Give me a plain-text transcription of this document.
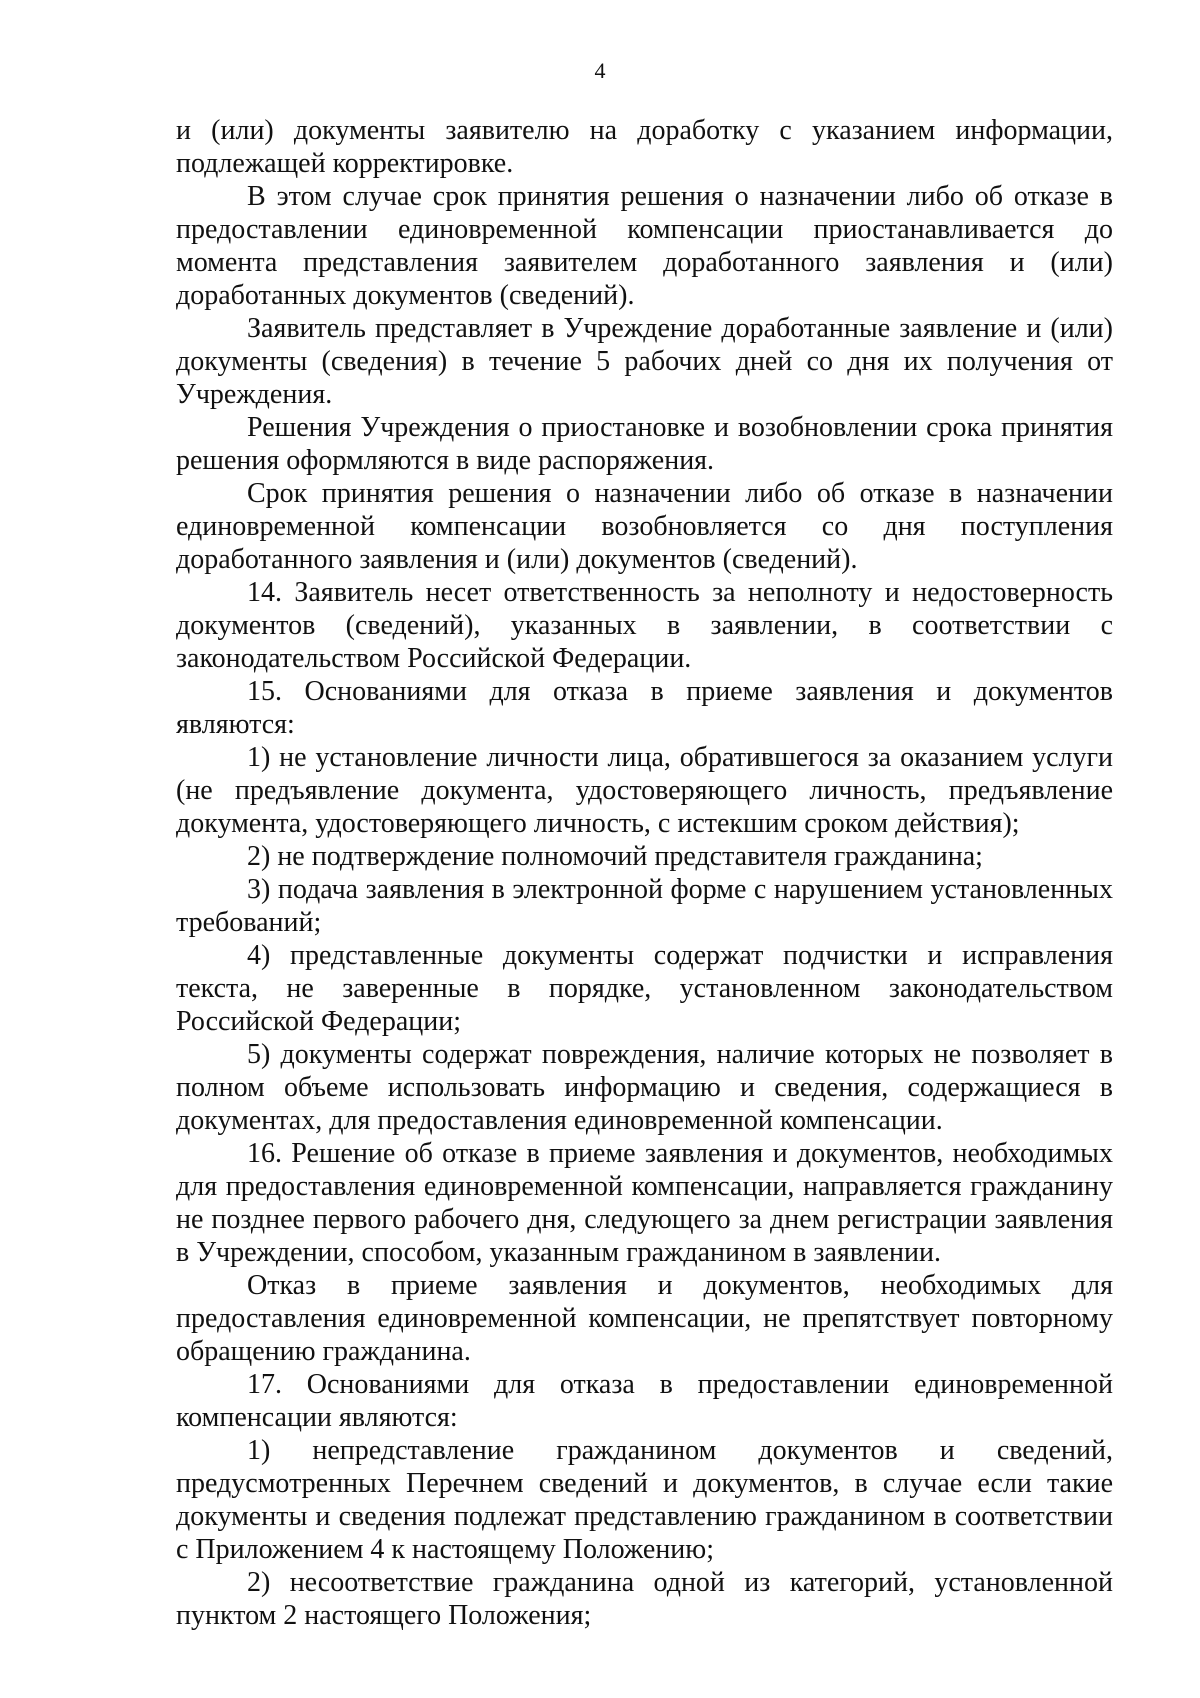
4

и (или) документы заявителю на доработку с указанием информации, подлежащей корректировке.

В этом случае срок принятия решения о назначении либо об отказе в предоставлении единовременной компенсации приостанавливается до момента представления заявителем доработанного заявления и (или) доработанных документов (сведений).

Заявитель представляет в Учреждение доработанные заявление и (или) документы (сведения) в течение 5 рабочих дней со дня их получения от Учреждения.

Решения Учреждения о приостановке и возобновлении срока принятия решения оформляются в виде распоряжения.

Срок принятия решения о назначении либо об отказе в назначении единовременной компенсации возобновляется со дня поступления доработанного заявления и (или) документов (сведений).

14. Заявитель несет ответственность за неполноту и недостоверность документов (сведений), указанных в заявлении, в соответствии с законодательством Российской Федерации.

15. Основаниями для отказа в приеме заявления и документов являются:

1) не установление личности лица, обратившегося за оказанием услуги (не предъявление документа, удостоверяющего личность, предъявление документа, удостоверяющего личность, с истекшим сроком действия);

2) не подтверждение полномочий представителя гражданина;

3) подача заявления в электронной форме с нарушением установленных требований;

4) представленные документы содержат подчистки и исправления текста, не заверенные в порядке, установленном законодательством Российской Федерации;

5) документы содержат повреждения, наличие которых не позволяет в полном объеме использовать информацию и сведения, содержащиеся в документах, для предоставления единовременной компенсации.

16. Решение об отказе в приеме заявления и документов, необходимых для предоставления единовременной компенсации, направляется гражданину не позднее первого рабочего дня, следующего за днем регистрации заявления в Учреждении, способом, указанным гражданином в заявлении.

Отказ в приеме заявления и документов, необходимых для предоставления единовременной компенсации, не препятствует повторному обращению гражданина.

17. Основаниями для отказа в предоставлении единовременной компенсации являются:

1) непредставление гражданином документов и сведений, предусмотренных Перечнем сведений и документов, в случае если такие документы и сведения подлежат представлению гражданином в соответствии с Приложением 4 к настоящему Положению;

2) несоответствие гражданина одной из категорий, установленной пунктом 2 настоящего Положения;
